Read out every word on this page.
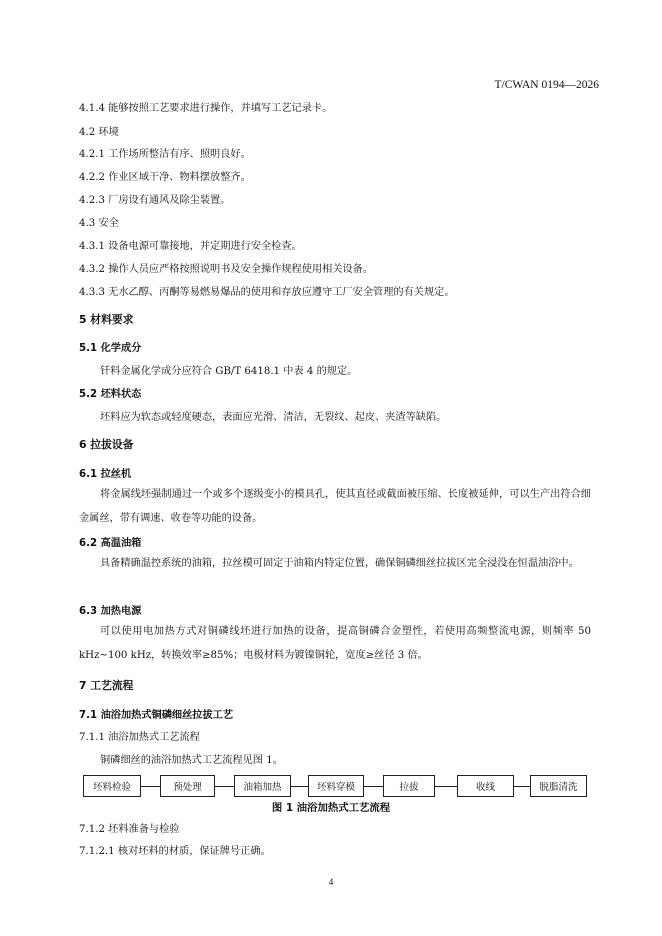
T/CWAN 0194—2026
4.1.4 能够按照工艺要求进行操作，并填写工艺记录卡。
4.2 环境
4.2.1 工作场所整洁有序、照明良好。
4.2.2 作业区域干净、物料摆放整齐。
4.2.3 厂房设有通风及除尘装置。
4.3 安全
4.3.1 设备电源可靠接地，并定期进行安全检查。
4.3.2 操作人员应严格按照说明书及安全操作规程使用相关设备。
4.3.3 无水乙醇、丙酮等易燃易爆品的使用和存放应遵守工厂安全管理的有关规定。
5 材料要求
5.1 化学成分
钎料金属化学成分应符合 GB/T 6418.1 中表 4 的规定。
5.2 坯料状态
坯料应为软态或轻度硬态，表面应光滑、清洁，无裂纹、起皮、夹渣等缺陷。
6 拉拔设备
6.1 拉丝机
将金属线坯强制通过一个或多个逐级变小的模具孔，使其直径或截面被压缩、长度被延伸，可以生产出符合细金属丝，带有调速、收卷等功能的设备。
6.2 高温油箱
具备精确温控系统的油箱，拉丝模可固定于油箱内特定位置，确保铜磷细丝拉拔区完全浸没在恒温油浴中。
6.3 加热电源
可以使用电加热方式对铜磷线坯进行加热的设备，提高铜磷合金塑性，若使用高频整流电源，则频率 50 kHz~100 kHz，转换效率≥85%；电极材料为镀镍铜轮，宽度≥丝径 3 倍。
7 工艺流程
7.1 油浴加热式铜磷细丝拉拔工艺
7.1.1 油浴加热式工艺流程
铜磷细丝的油浴加热式工艺流程见图 1。
坯料检验	预处理	油箱加热	坯料穿模	拉拔	收线	脱脂清洗
图 1 油浴加热式工艺流程
7.1.2 坯料准备与检验
7.1.2.1 核对坯料的材质，保证牌号正确。
4
